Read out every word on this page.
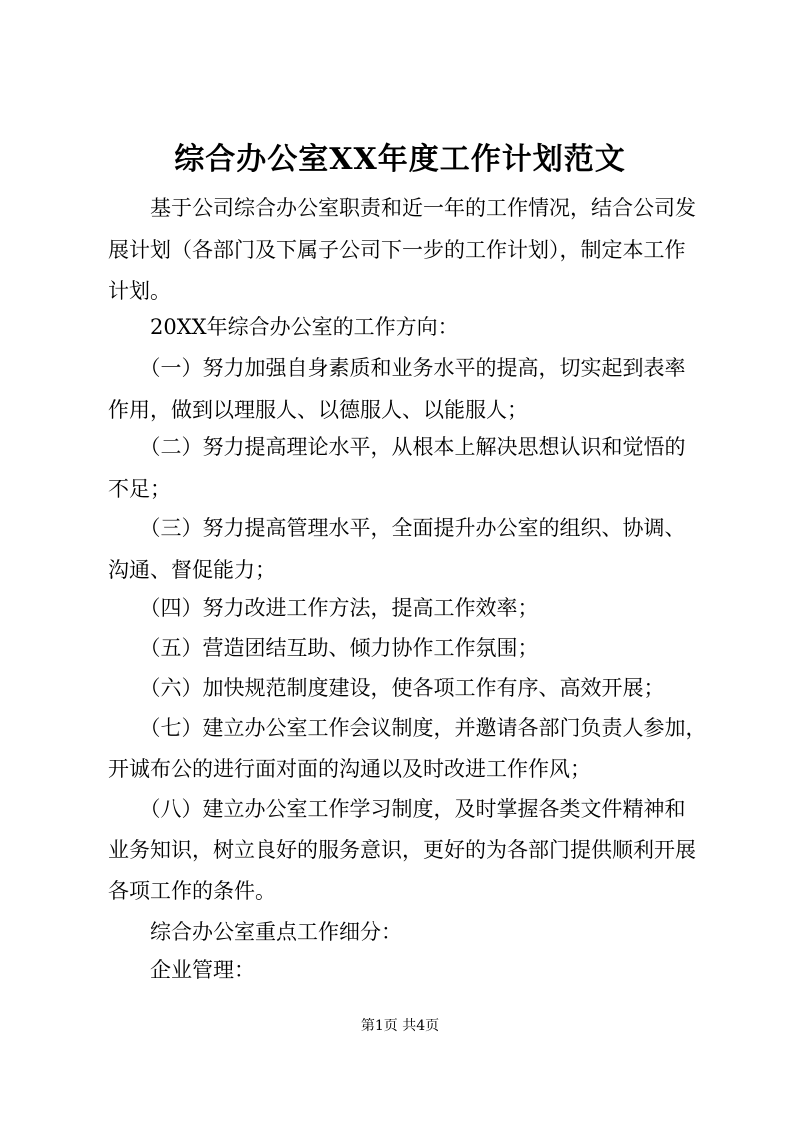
综合办公室XX年度工作计划范文
　　基于公司综合办公室职责和近一年的工作情况，结合公司发
展计划（各部门及下属子公司下一步的工作计划），制定本工作
计划。
　　20XX年综合办公室的工作方向：
　　（一）努力加强自身素质和业务水平的提高，切实起到表率
作用，做到以理服人、以德服人、以能服人；
　　（二）努力提高理论水平，从根本上解决思想认识和觉悟的
不足；
　　（三）努力提高管理水平，全面提升办公室的组织、协调、
沟通、督促能力；
　　（四）努力改进工作方法，提高工作效率；
　　（五）营造团结互助、倾力协作工作氛围；
　　（六）加快规范制度建设，使各项工作有序、高效开展；
　　（七）建立办公室工作会议制度，并邀请各部门负责人参加，
开诚布公的进行面对面的沟通以及时改进工作作风；
　　（八）建立办公室工作学习制度，及时掌握各类文件精神和
业务知识，树立良好的服务意识，更好的为各部门提供顺利开展
各项工作的条件。
　　综合办公室重点工作细分：
　　企业管理：
第1页 共4页
